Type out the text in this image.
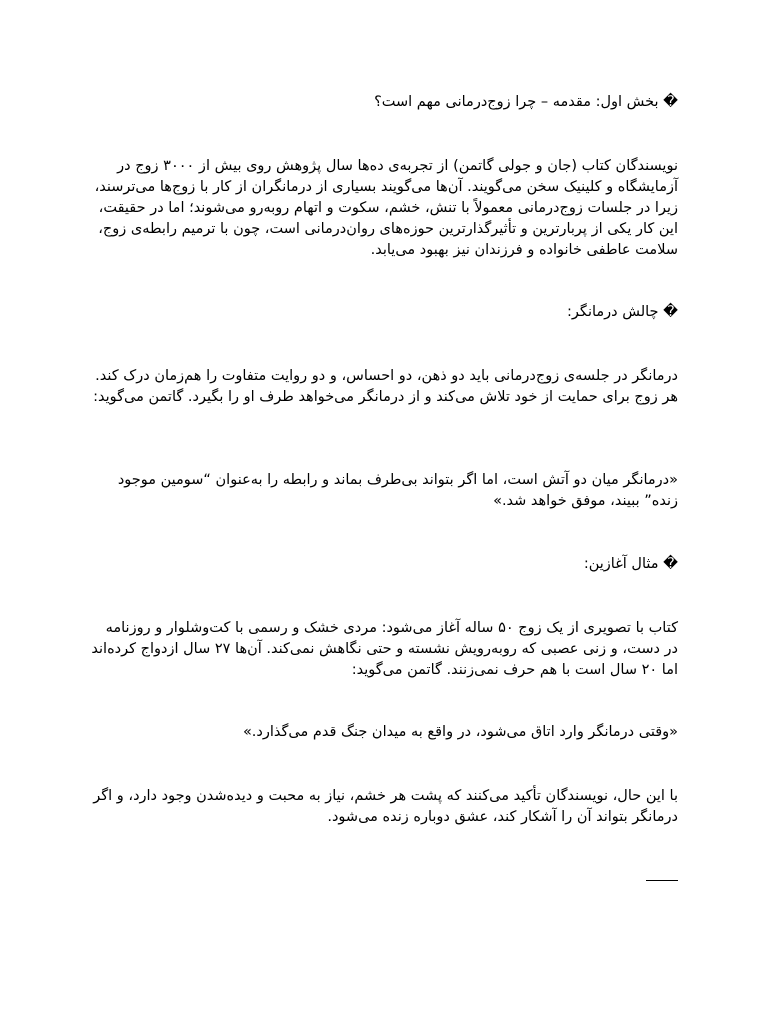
� بخش اول: مقدمه – چرا زوج‌درمانی مهم است؟

نویسندگان کتاب (جان و جولی گاتمن) از تجربه‌ی ده‌ها سال پژوهش روی بیش از ۳۰۰۰ زوج در آزمایشگاه و کلینیک سخن می‌گویند. آن‌ها می‌گویند بسیاری از درمانگران از کار با زوج‌ها می‌ترسند، زیرا در جلسات زوج‌درمانی معمولاً با تنش، خشم، سکوت و اتهام روبه‌رو می‌شوند؛ اما در حقیقت، این کار یکی از پربارترین و تأثیرگذارترین حوزه‌های روان‌درمانی است، چون با ترمیم رابطه‌ی زوج، سلامت عاطفی خانواده و فرزندان نیز بهبود می‌یابد.

� چالش درمانگر:

درمانگر در جلسه‌ی زوج‌درمانی باید دو ذهن، دو احساس، و دو روایت متفاوت را هم‌زمان درک کند. هر زوج برای حمایت از خود تلاش می‌کند و از درمانگر می‌خواهد طرف او را بگیرد. گاتمن می‌گوید:

«درمانگر میان دو آتش است، اما اگر بتواند بی‌طرف بماند و رابطه را به‌عنوان “سومین موجود زنده” ببیند، موفق خواهد شد.»

� مثال آغازین:

کتاب با تصویری از یک زوج ۵۰ ساله آغاز می‌شود: مردی خشک و رسمی با کت‌وشلوار و روزنامه در دست، و زنی عصبی که روبه‌رویش نشسته و حتی نگاهش نمی‌کند. آن‌ها ۲۷ سال ازدواج کرده‌اند اما ۲۰ سال است با هم حرف نمی‌زنند. گاتمن می‌گوید:

«وقتی درمانگر وارد اتاق می‌شود، در واقع به میدان جنگ قدم می‌گذارد.»

با این حال، نویسندگان تأکید می‌کنند که پشت هر خشم، نیاز به محبت و دیده‌شدن وجود دارد، و اگر درمانگر بتواند آن را آشکار کند، عشق دوباره زنده می‌شود.
